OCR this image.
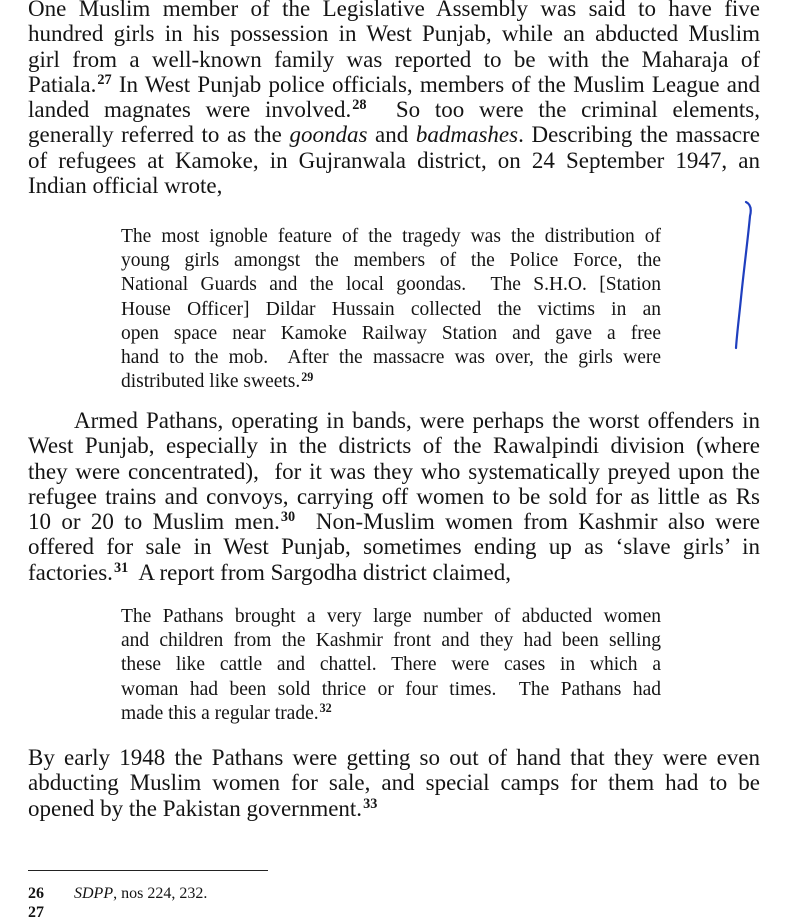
One Muslim member of the Legislative Assembly was said to have five
hundred girls in his possession in West Punjab, while an abducted Muslim
girl from a well-known family was reported to be with the Maharaja of
Patiala.$^{27}$ In West Punjab police officials, members of the Muslim League and
landed magnates were involved.$^{28}$  So too were the criminal elements,
generally referred to as the goondas and badmashes. Describing the massacre
of refugees at Kamoke, in Gujranwala district, on 24 September 1947, an
Indian official wrote,
The most ignoble feature of the tragedy was the distribution of
young girls amongst the members of the Police Force, the
National Guards and the local goondas.  The S.H.O. [Station
House Officer] Dildar Hussain collected the victims in an
open space near Kamoke Railway Station and gave a free
hand to the mob.  After the massacre was over, the girls were
distributed like sweets.$^{29}$
Armed Pathans, operating in bands, were perhaps the worst offenders in
West Punjab, especially in the districts of the Rawalpindi division (where
they were concentrated),  for it was they who systematically preyed upon the
refugee trains and convoys, carrying off women to be sold for as little as Rs
10 or 20 to Muslim men.$^{30}$  Non-Muslim women from Kashmir also were
offered for sale in West Punjab, sometimes ending up as ‘slave girls’ in
factories.$^{31}$  A report from Sargodha district claimed,
The Pathans brought a very large number of abducted women
and children from the Kashmir front and they had been selling
these like cattle and chattel. There were cases in which a
woman had been sold thrice or four times.  The Pathans had
made this a regular trade.$^{32}$
By early 1948 the Pathans were getting so out of hand that they were even
abducting Muslim women for sale, and special camps for them had to be
opened by the Pakistan government.$^{33}$
26 SDPP, nos 224, 232.
27
